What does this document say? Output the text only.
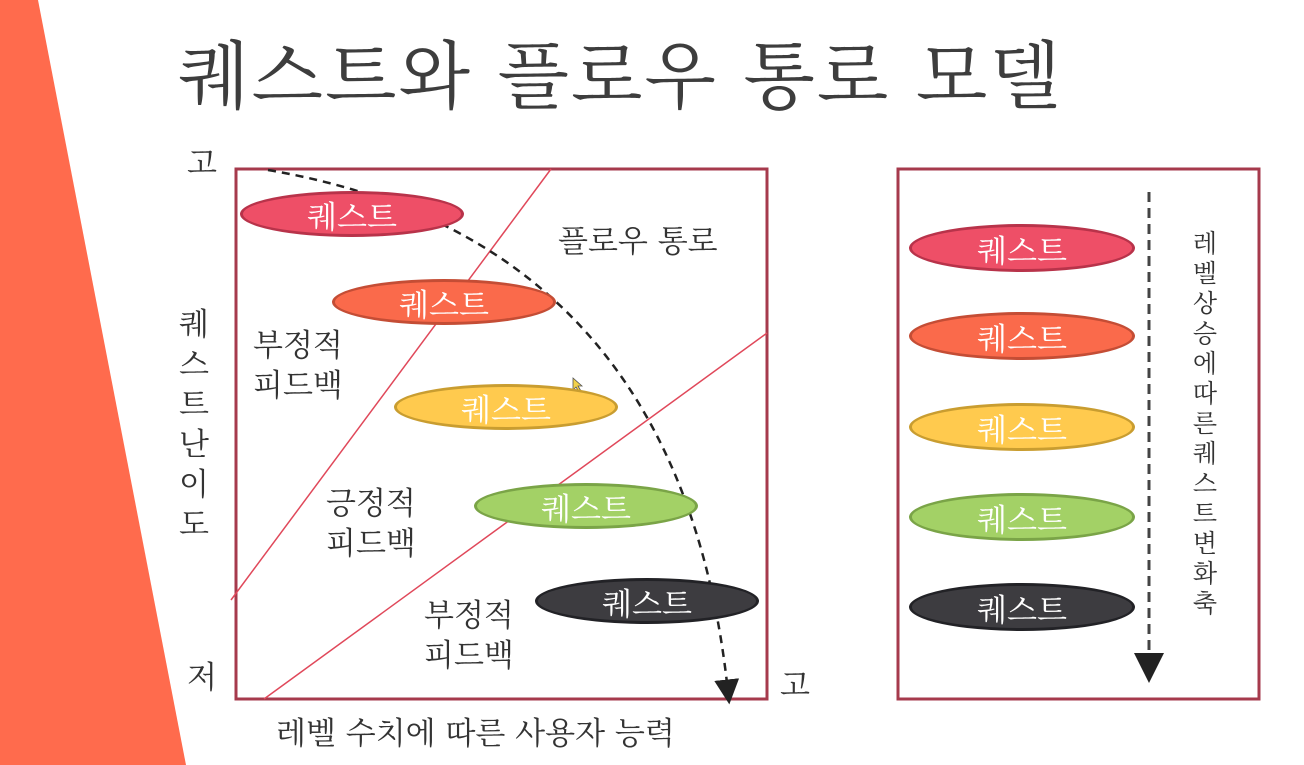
퀘스트와 플로우 통로 모델
고
저	고
퀘
스
트
난
이
도
레벨 수치에 따른 사용자 능력
플로우 통로
부정적
피드백
긍정적
피드백
부정적
피드백
퀘스트
퀘스트
퀘스트
퀘스트
퀘스트
퀘스트
퀘스트
퀘스트
퀘스트
퀘스트
레
벨
상
승
에
따
른
퀘
스
트
변
화
축
